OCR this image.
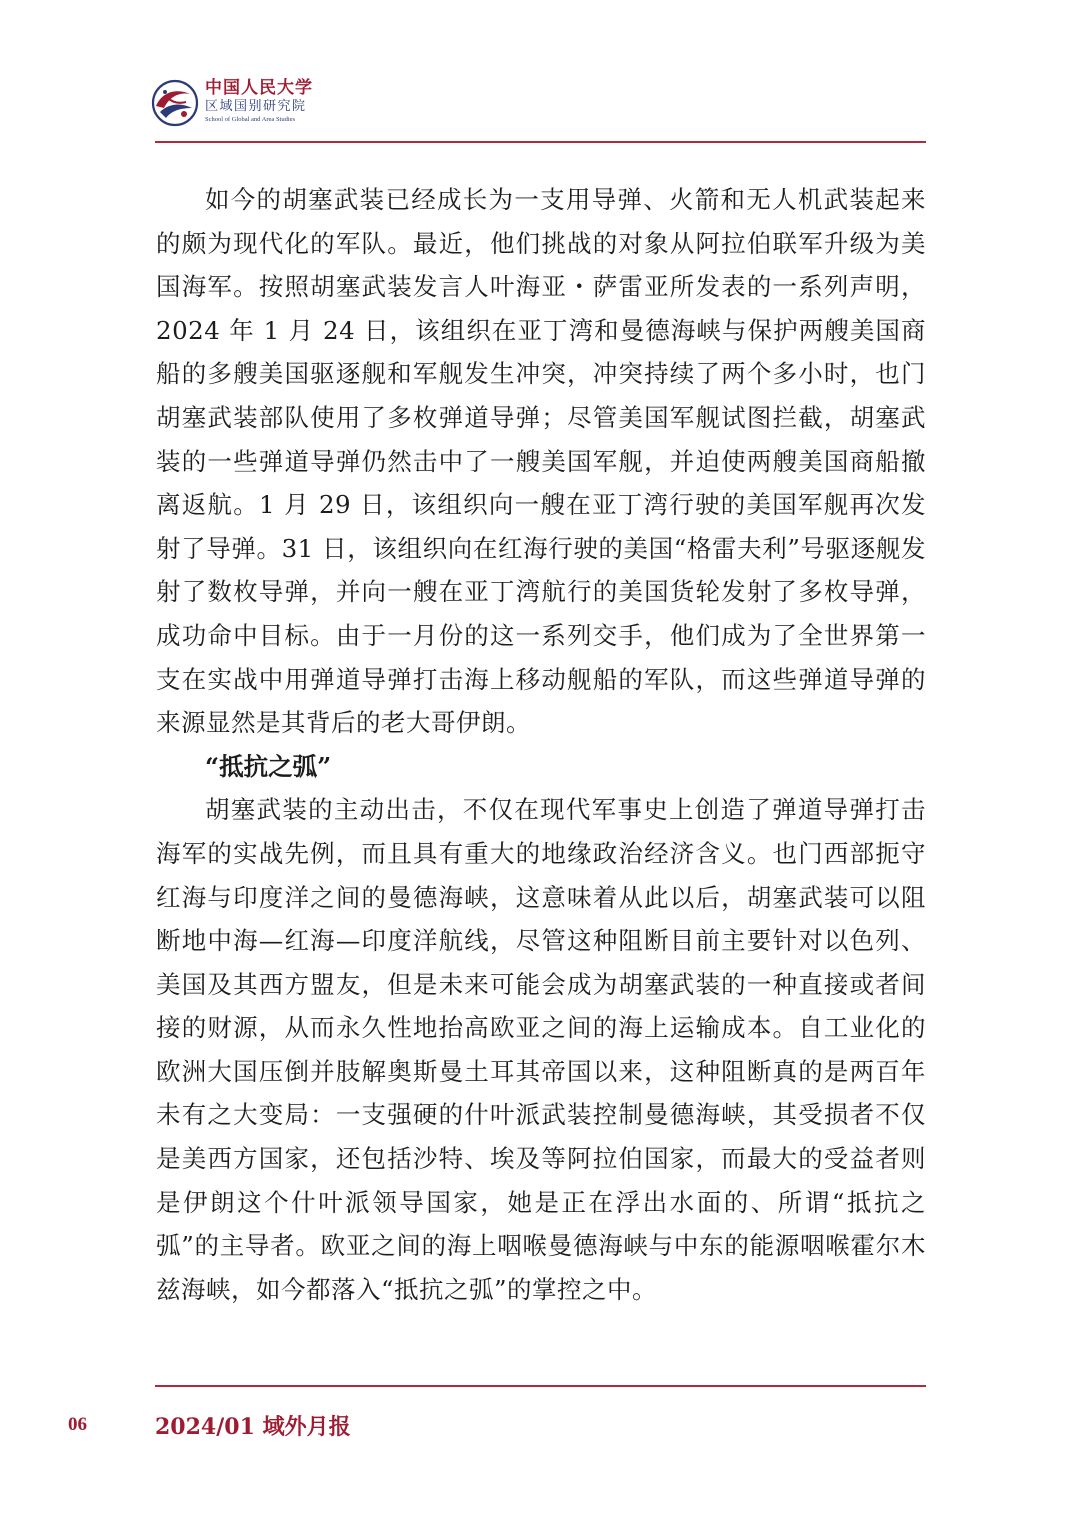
中国人民大学
区域国别研究院
School of Global and Area Studies

如今的胡塞武装已经成长为一支用导弹、火箭和无人机武装起来的颇为现代化的军队。最近，他们挑战的对象从阿拉伯联军升级为美国海军。按照胡塞武装发言人叶海亚・萨雷亚所发表的一系列声明，2024 年 1 月 24 日，该组织在亚丁湾和曼德海峡与保护两艘美国商船的多艘美国驱逐舰和军舰发生冲突，冲突持续了两个多小时，也门胡塞武装部队使用了多枚弹道导弹；尽管美国军舰试图拦截，胡塞武装的一些弹道导弹仍然击中了一艘美国军舰，并迫使两艘美国商船撤离返航。1 月 29 日，该组织向一艘在亚丁湾行驶的美国军舰再次发射了导弹。31 日，该组织向在红海行驶的美国“格雷夫利”号驱逐舰发射了数枚导弹，并向一艘在亚丁湾航行的美国货轮发射了多枚导弹，成功命中目标。由于一月份的这一系列交手，他们成为了全世界第一支在实战中用弹道导弹打击海上移动舰船的军队，而这些弹道导弹的来源显然是其背后的老大哥伊朗。

“抵抗之弧”

胡塞武装的主动出击，不仅在现代军事史上创造了弹道导弹打击海军的实战先例，而且具有重大的地缘政治经济含义。也门西部扼守红海与印度洋之间的曼德海峡，这意味着从此以后，胡塞武装可以阻断地中海—红海—印度洋航线，尽管这种阻断目前主要针对以色列、美国及其西方盟友，但是未来可能会成为胡塞武装的一种直接或者间接的财源，从而永久性地抬高欧亚之间的海上运输成本。自工业化的欧洲大国压倒并肢解奥斯曼土耳其帝国以来，这种阻断真的是两百年未有之大变局：一支强硬的什叶派武装控制曼德海峡，其受损者不仅是美西方国家，还包括沙特、埃及等阿拉伯国家，而最大的受益者则是伊朗这个什叶派领导国家，她是正在浮出水面的、所谓“抵抗之弧”的主导者。欧亚之间的海上咽喉曼德海峡与中东的能源咽喉霍尔木兹海峡，如今都落入“抵抗之弧”的掌控之中。

06	2024/01 域外月报
